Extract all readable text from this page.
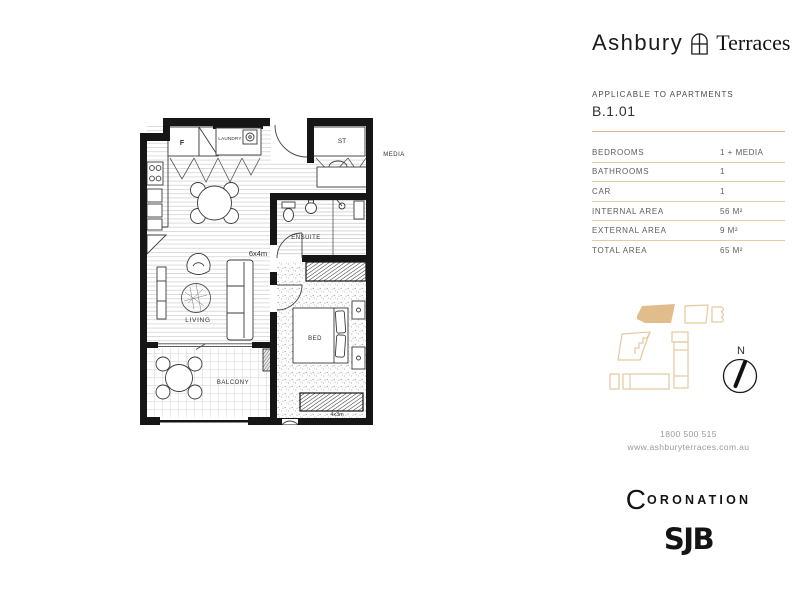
F
LAUNDRY	ST
MEDIA
ENSUITE
6x4m
LIVING
BED
4x3m
BALCONY
Ashbury Terraces
APPLICABLE TO APARTMENTS
B.1.01
BEDROOMS	1 + MEDIA
BATHROOMS	1
CAR	1
INTERNAL AREA	56 M²
EXTERNAL AREA	9 M²
TOTAL AREA	65 M²
N
1800 500 515
www.ashburyterraces.com.au
C ORONATION
SJB
